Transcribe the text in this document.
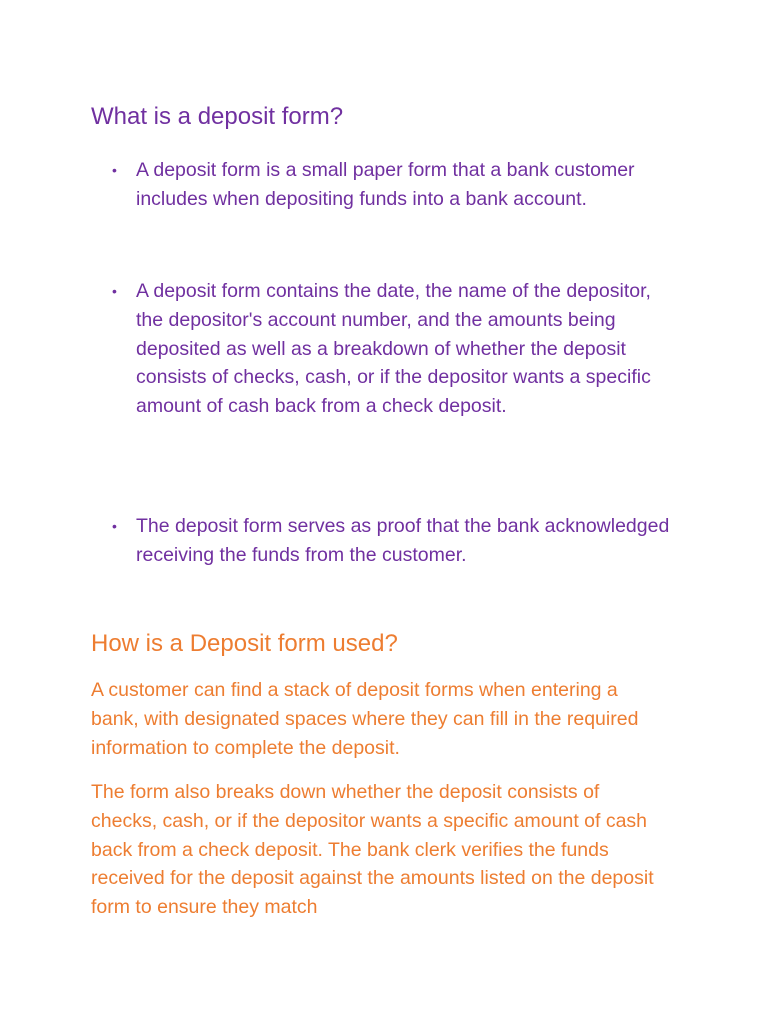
What is a deposit form?
• A deposit form is a small paper form that a bank customer includes when depositing funds into a bank account.
• A deposit form contains the date, the name of the depositor, the depositor's account number, and the amounts being deposited as well as a breakdown of whether the deposit consists of checks, cash, or if the depositor wants a specific amount of cash back from a check deposit.
• The deposit form serves as proof that the bank acknowledged receiving the funds from the customer.
How is a Deposit form used?

A customer can find a stack of deposit forms when entering a bank, with designated spaces where they can fill in the required information to complete the deposit.

The form also breaks down whether the deposit consists of checks, cash, or if the depositor wants a specific amount of cash back from a check deposit. The bank clerk verifies the funds received for the deposit against the amounts listed on the deposit form to ensure they match
